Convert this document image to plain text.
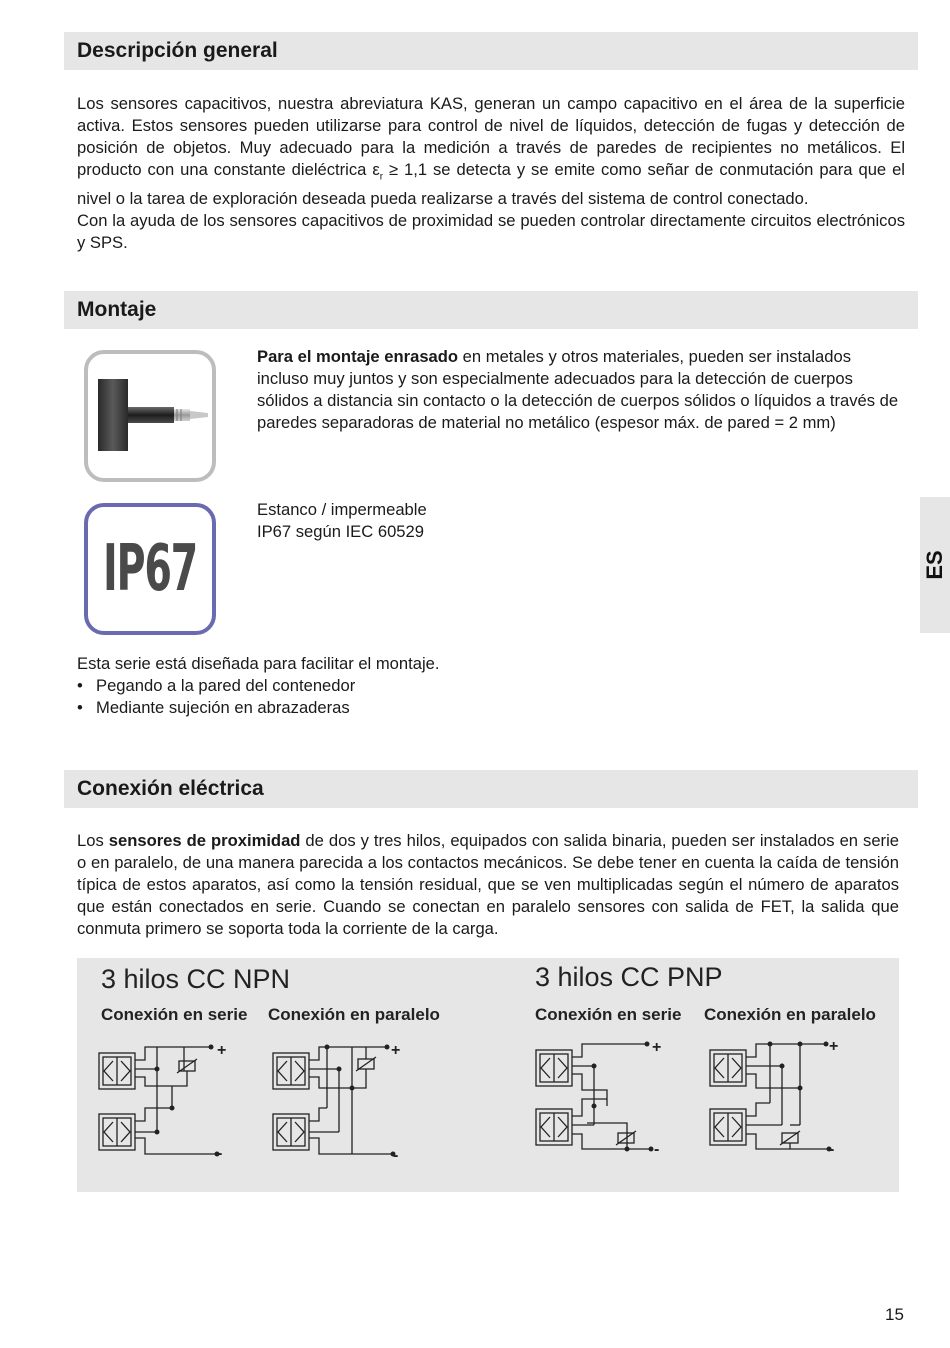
Descripción general

Los sensores capacitivos, nuestra abreviatura KAS, generan un campo capacitivo en el área de la superficie activa. Estos sensores pueden utilizarse para control de nivel de líquidos, detección de fugas y detección de posición de objetos. Muy adecuado para la medición a través de paredes de recipientes no metálicos. El producto con una constante dieléctrica $\varepsilon_r \ge 1,1$ se detecta y se emite como señar de conmutación para que el nivel o la tarea de exploración deseada pueda realizarse a través del sistema de control conectado.

Con la ayuda de los sensores capacitivos de proximidad se pueden controlar directamente circuitos electrónicos y SPS.

Montaje
Para el montaje enrasado en metales y otros materiales, pueden ser instalados incluso muy juntos y son especialmente adecuados para la detección de cuerpos sólidos a distancia sin contacto o la detección de cuerpos sólidos o líquidos a través de paredes separadoras de material no metálico (espesor máx. de pared = 2 mm)
IP67
Estanco / impermeable
IP67 según IEC 60529
Esta serie está diseñada para facilitar el montaje.
• Pegando a la pared del contenedor
• Mediante sujeción en abrazaderas
ES
Conexión eléctrica

Los sensores de proximidad de dos y tres hilos, equipados con salida binaria, pueden ser instalados en serie o en paralelo, de una manera parecida a los contactos mecánicos. Se debe tener en cuenta la caída de tensión típica de estos aparatos, así como la tensión residual, que se ven multiplicadas según el número de aparatos que están conectados en serie. Cuando se conectan en paralelo sensores con salida de FET, la salida que conmuta primero se soporta toda la corriente de la carga.

3 hilos CC NPN	3 hilos CC PNP
Conexión en serie Conexión en paralelo	Conexión en serie Conexión en paralelo
+
-
+
-
+
-
+
-
15
